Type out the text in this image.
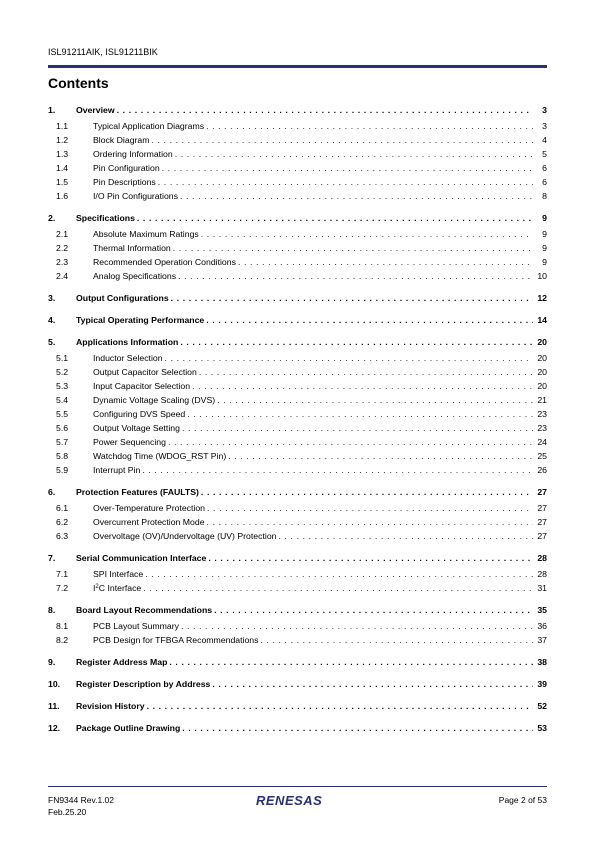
ISL91211AIK, ISL91211BIK
Contents
1.	Overview . . .	3
1.1	Typical Application Diagrams . . .	3
1.2	Block Diagram . . .	4
1.3	Ordering Information . . .	5
1.4	Pin Configuration . . .	6
1.5	Pin Descriptions . . .	6
1.6	I/O Pin Configurations . . .	8
2.	Specifications . . .	9
2.1	Absolute Maximum Ratings . . .	9
2.2	Thermal Information . . .	9
2.3	Recommended Operation Conditions . . .	9
2.4	Analog Specifications . . .	10
3.	Output Configurations . . .	12
4.	Typical Operating Performance . . .	14
5.	Applications Information . . .	20
5.1	Inductor Selection . . .	20
5.2	Output Capacitor Selection . . .	20
5.3	Input Capacitor Selection . . .	20
5.4	Dynamic Voltage Scaling (DVS) . . .	21
5.5	Configuring DVS Speed . . .	23
5.6	Output Voltage Setting . . .	23
5.7	Power Sequencing . . .	24
5.8	Watchdog Time (WDOG_RST Pin) . . .	25
5.9	Interrupt Pin . . .	26
6.	Protection Features (FAULTS) . . .	27
6.1	Over-Temperature Protection . . .	27
6.2	Overcurrent Protection Mode . . .	27
6.3	Overvoltage (OV)/Undervoltage (UV) Protection . . .	27
7.	Serial Communication Interface . . .	28
7.1	SPI Interface . . .	28
7.2	$I^2C$ Interface . . .	31
8.	Board Layout Recommendations . . .	35
8.1	PCB Layout Summary . . .	36
8.2	PCB Design for TFBGA Recommendations . . .	37
9.	Register Address Map . . .	38
10.	Register Description by Address . . .	39
11.	Revision History . . .	52
12.	Package Outline Drawing . . .	53
FN9344 Rev.1.02
Feb.25.20
RENESAS	Page 2 of 53
